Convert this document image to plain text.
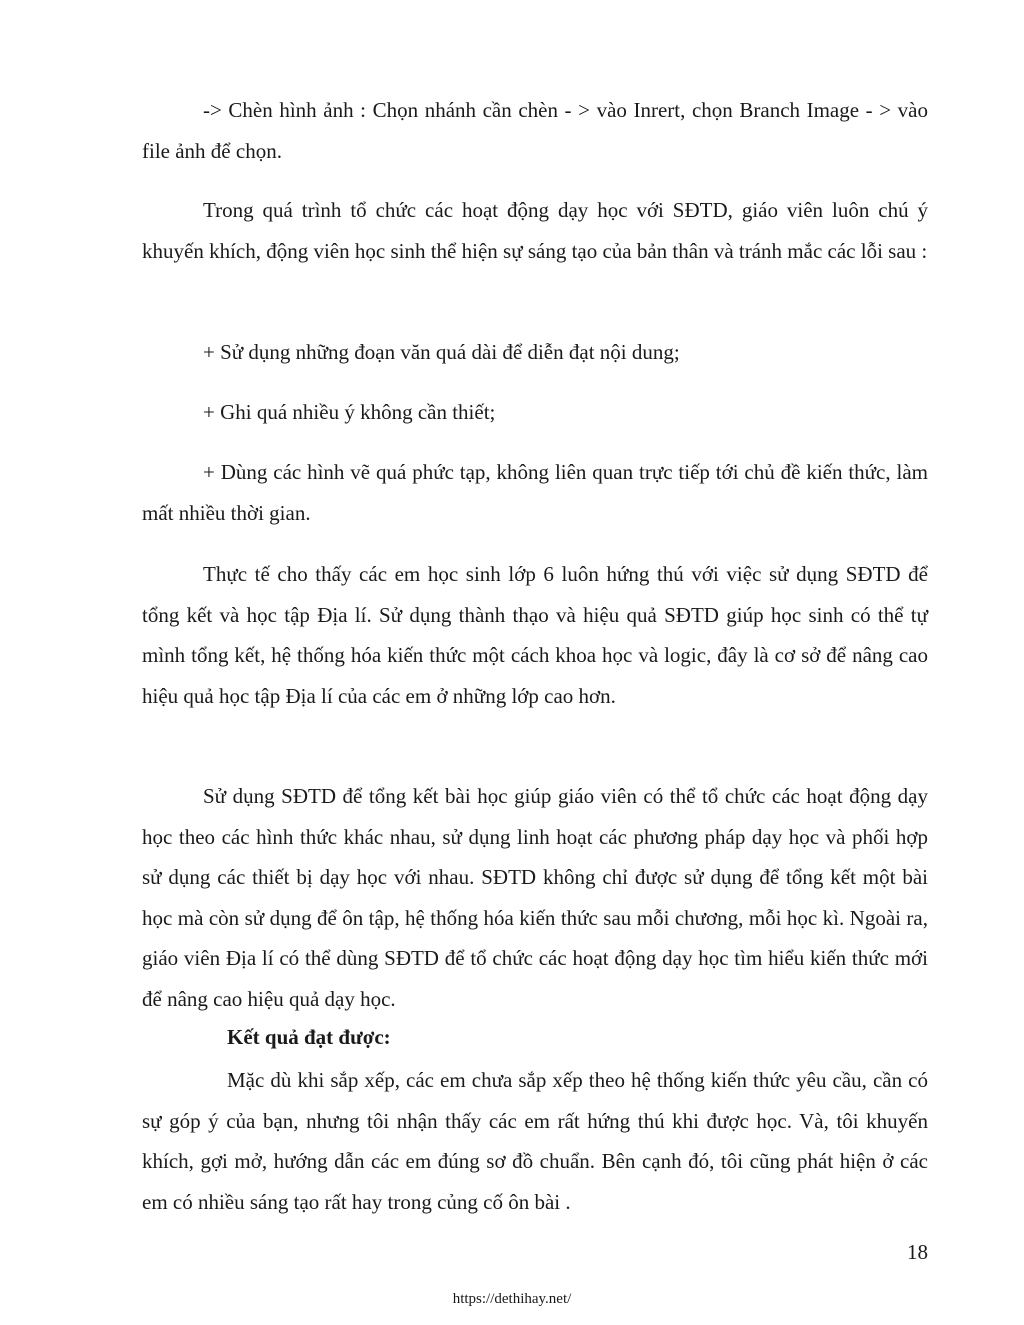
-> Chèn hình ảnh : Chọn nhánh cần chèn - > vào Inrert, chọn Branch Image - > vào file ảnh để chọn.

Trong quá trình tổ chức các hoạt động dạy học với SĐTD, giáo viên luôn chú ý khuyến khích, động viên học sinh thể hiện sự sáng tạo của bản thân và tránh mắc các lỗi sau :

+ Sử dụng những đoạn văn quá dài để diễn đạt nội dung;

+ Ghi quá nhiều ý không cần thiết;

+ Dùng các hình vẽ quá phức tạp, không liên quan trực tiếp tới chủ đề kiến thức, làm mất nhiều thời gian.

Thực tế cho thấy các em học sinh lớp 6 luôn hứng thú với việc sử dụng SĐTD để tổng kết và học tập Địa lí. Sử dụng thành thạo và hiệu quả SĐTD giúp học sinh có thể tự mình tổng kết, hệ thống hóa kiến thức một cách khoa học và logic, đây là cơ sở để nâng cao hiệu quả học tập Địa lí của các em ở những lớp cao hơn.

Sử dụng SĐTD để tổng kết bài học giúp giáo viên có thể tổ chức các hoạt động dạy học theo các hình thức khác nhau, sử dụng linh hoạt các phương pháp dạy học và phối hợp sử dụng các thiết bị dạy học với nhau. SĐTD không chỉ được sử dụng để tổng kết một bài học mà còn sử dụng để ôn tập, hệ thống hóa kiến thức sau mỗi chương, mỗi học kì. Ngoài ra, giáo viên Địa lí có thể dùng SĐTD để tổ chức các hoạt động dạy học tìm hiểu kiến thức mới để nâng cao hiệu quả dạy học.

Kết quả đạt được:

Mặc dù khi sắp xếp, các em chưa sắp xếp theo hệ thống kiến thức yêu cầu, cần có sự góp ý của bạn, nhưng tôi nhận thấy các em rất hứng thú khi được học. Và, tôi khuyến khích, gợi mở, hướng dẫn các em đúng sơ đồ chuẩn. Bên cạnh đó, tôi cũng phát hiện ở các em có nhiều sáng tạo rất hay trong củng cố ôn bài .

18
https://dethihay.net/
